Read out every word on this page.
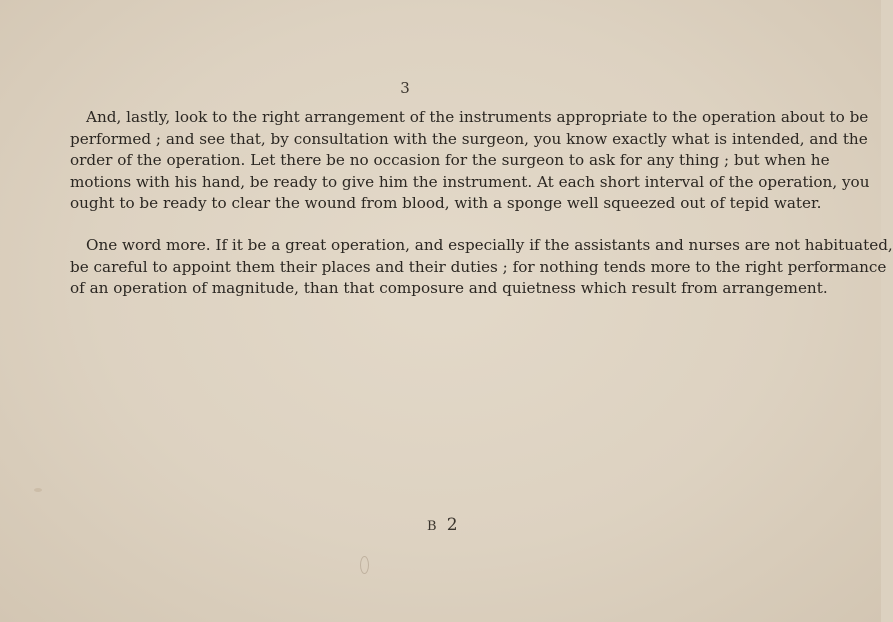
3
And, lastly, look to the right arrangement of the instruments appropriate to the operation about to be
performed ; and see that, by consultation with the surgeon, you know exactly what is intended, and the
order of the operation. Let there be no occasion for the surgeon to ask for any thing ; but when he
motions with his hand, be ready to give him the instrument. At each short interval of the operation, you
ought to be ready to clear the wound from blood, with a sponge well squeezed out of tepid water.
One word more. If it be a great operation, and especially if the assistants and nurses are not habituated,
be careful to appoint them their places and their duties ; for nothing tends more to the right performance
of an operation of magnitude, than that composure and quietness which result from arrangement.
B 2
